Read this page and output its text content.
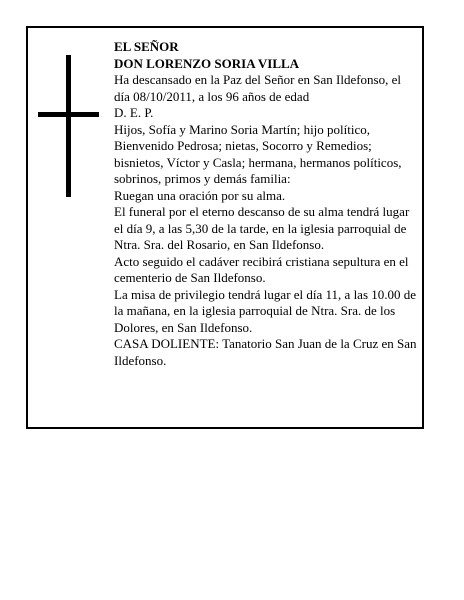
EL SEÑOR

DON LORENZO SORIA VILLA

Ha descansado en la Paz del Señor en San Ildefonso, el día 08/10/2011, a los 96 años de edad

D. E. P.

Hijos, Sofía y Marino Soria Martín; hijo político, Bienvenido Pedrosa; nietas, Socorro y Remedios; bisnietos, Víctor y Casla; hermana, hermanos políticos, sobrinos, primos y demás familia:

Ruegan una oración por su alma.

El funeral por el eterno descanso de su alma tendrá lugar el día 9, a las 5,30 de la tarde, en la iglesia parroquial de Ntra. Sra. del Rosario, en San Ildefonso.

Acto seguido el cadáver recibirá cristiana sepultura en el cementerio de San Ildefonso.

La misa de privilegio tendrá lugar el día 11, a las 10.00 de la mañana, en la iglesia parroquial de Ntra. Sra. de los Dolores, en San Ildefonso.

CASA DOLIENTE: Tanatorio San Juan de la Cruz en San Ildefonso.
